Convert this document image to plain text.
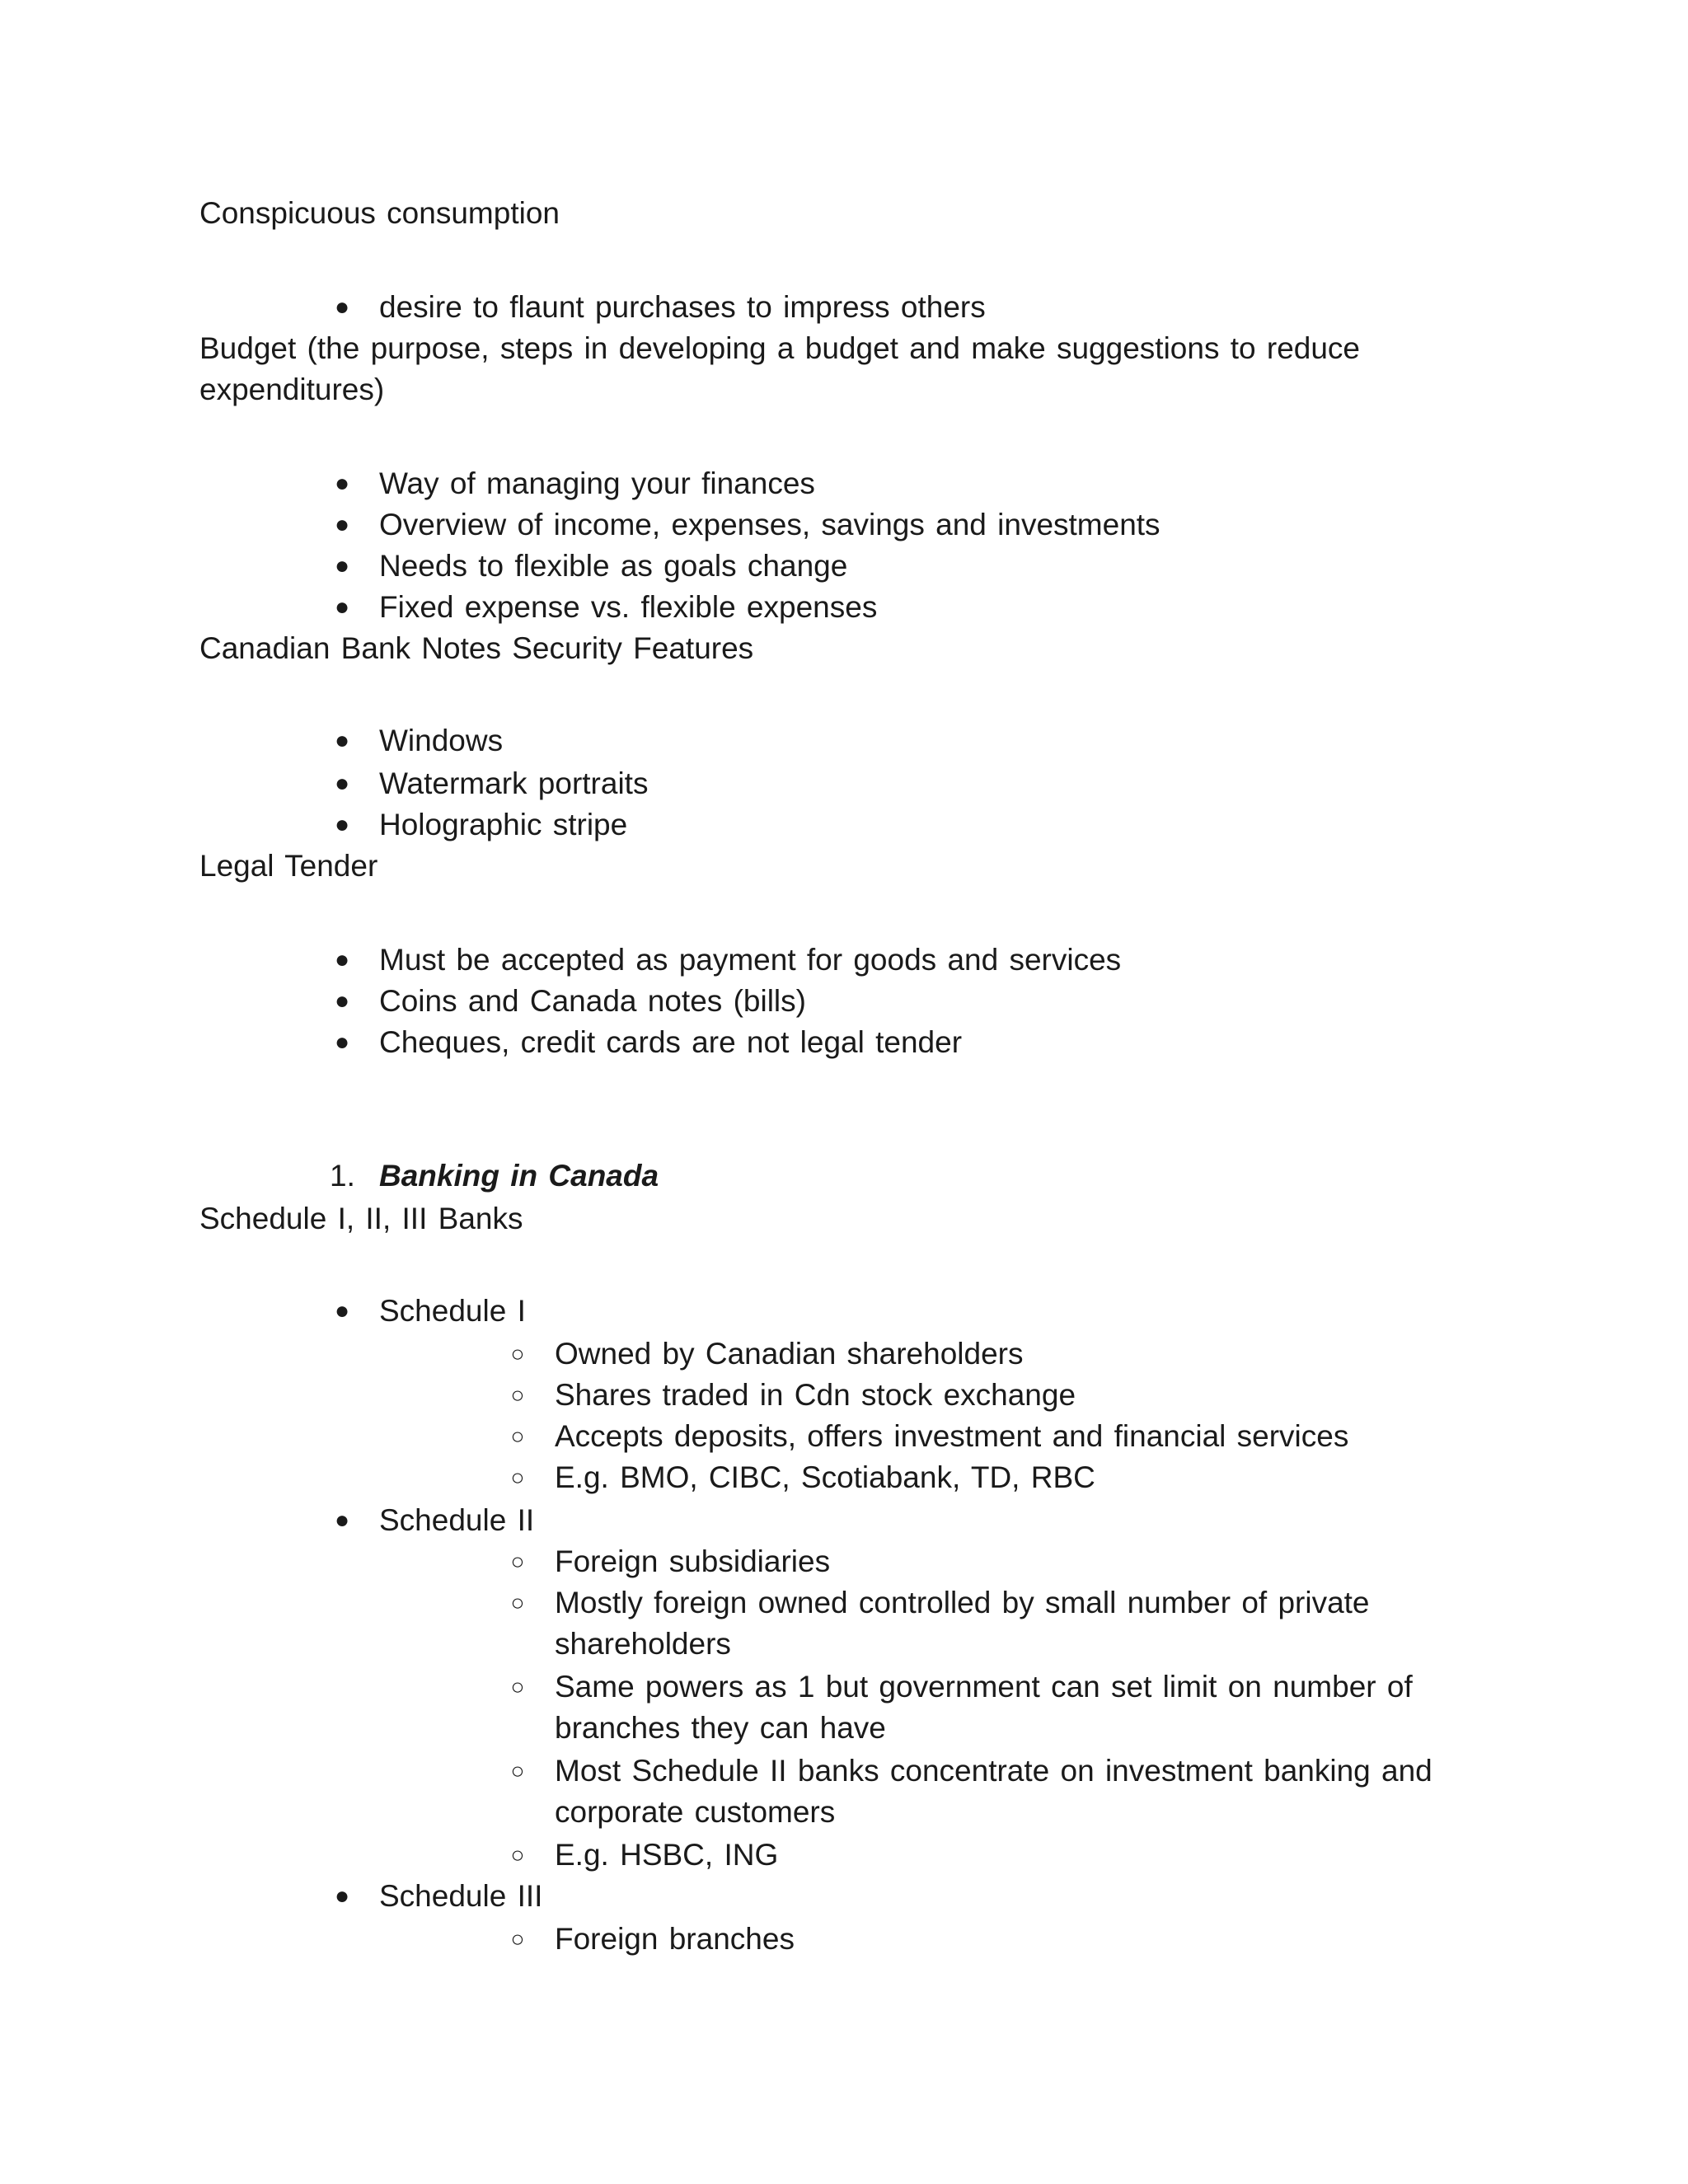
Conspicuous consumption
● desire to flaunt purchases to impress others
Budget (the purpose, steps in developing a budget and make suggestions to reduce expenditures)
● Way of managing your finances
● Overview of income, expenses, savings and investments
● Needs to flexible as goals change
● Fixed expense vs. flexible expenses
Canadian Bank Notes Security Features
● Windows
● Watermark portraits
● Holographic stripe
Legal Tender
● Must be accepted as payment for goods and services
● Coins and Canada notes (bills)
● Cheques, credit cards are not legal tender
1. Banking in Canada
Schedule I, II, III Banks
● Schedule I
○ Owned by Canadian shareholders
○ Shares traded in Cdn stock exchange
○ Accepts deposits, offers investment and financial services
○ E.g. BMO, CIBC, Scotiabank, TD, RBC
● Schedule II
○ Foreign subsidiaries
○ Mostly foreign owned controlled by small number of private shareholders
○ Same powers as 1 but government can set limit on number of branches they can have
○ Most Schedule II banks concentrate on investment banking and corporate customers
○ E.g. HSBC, ING
● Schedule III
○ Foreign branches
